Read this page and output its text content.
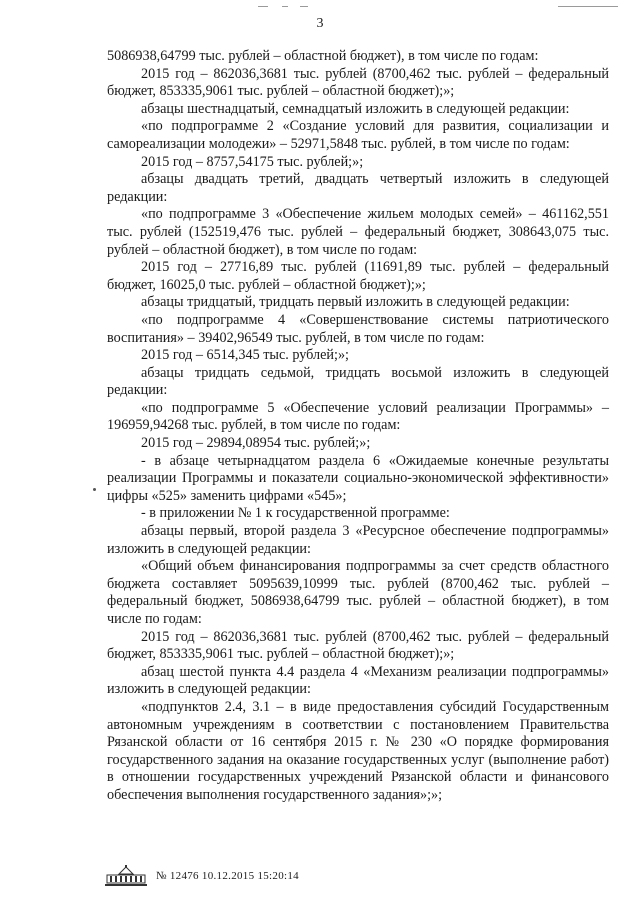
3

5086938,64799 тыс. рублей – областной бюджет), в том числе по годам:

2015 год – 862036,3681 тыс. рублей (8700,462 тыс. рублей – федеральный бюджет, 853335,9061 тыс. рублей – областной бюджет);»;

абзацы шестнадцатый, семнадцатый изложить в следующей редакции:

«по подпрограмме 2 «Создание условий для развития, социализации и самореализации молодежи» – 52971,5848 тыс. рублей, в том числе по годам:

2015 год – 8757,54175 тыс. рублей;»;

абзацы двадцать третий, двадцать четвертый изложить в следующей редакции:

«по подпрограмме 3 «Обеспечение жильем молодых семей» – 461162,551 тыс. рублей (152519,476 тыс. рублей – федеральный бюджет, 308643,075 тыс. рублей – областной бюджет), в том числе по годам:

2015 год – 27716,89 тыс. рублей (11691,89 тыс. рублей – федеральный бюджет, 16025,0 тыс. рублей – областной бюджет);»;

абзацы тридцатый, тридцать первый изложить в следующей редакции:

«по подпрограмме 4 «Совершенствование системы патриотического воспитания» – 39402,96549 тыс. рублей, в том числе по годам:

2015 год – 6514,345 тыс. рублей;»;

абзацы тридцать седьмой, тридцать восьмой изложить в следующей редакции:

«по подпрограмме 5 «Обеспечение условий реализации Программы» – 196959,94268 тыс. рублей, в том числе по годам:

2015 год – 29894,08954 тыс. рублей;»;

- в абзаце четырнадцатом раздела 6 «Ожидаемые конечные результаты реализации Программы и показатели социально-экономической эффективности» цифры «525» заменить цифрами «545»;

- в приложении № 1 к государственной программе:

абзацы первый, второй раздела 3 «Ресурсное обеспечение подпрограммы» изложить в следующей редакции:

«Общий объем финансирования подпрограммы за счет средств областного бюджета составляет 5095639,10999 тыс. рублей (8700,462 тыс. рублей – федеральный бюджет, 5086938,64799 тыс. рублей – областной бюджет), в том числе по годам:

2015 год – 862036,3681 тыс. рублей (8700,462 тыс. рублей – федеральный бюджет, 853335,9061 тыс. рублей – областной бюджет);»;

абзац шестой пункта 4.4 раздела 4 «Механизм реализации подпрограммы» изложить в следующей редакции:

«подпунктов 2.4, 3.1 – в виде предоставления субсидий Государственным автономным учреждениям в соответствии с постановлением Правительства Рязанской области от 16 сентября 2015 г. № 230 «О порядке формирования государственного задания на оказание государственных услуг (выполнение работ) в отношении государственных учреждений Рязанской области и финансового обеспечения выполнения государственного задания»;»;

№ 12476 10.12.2015 15:20:14
